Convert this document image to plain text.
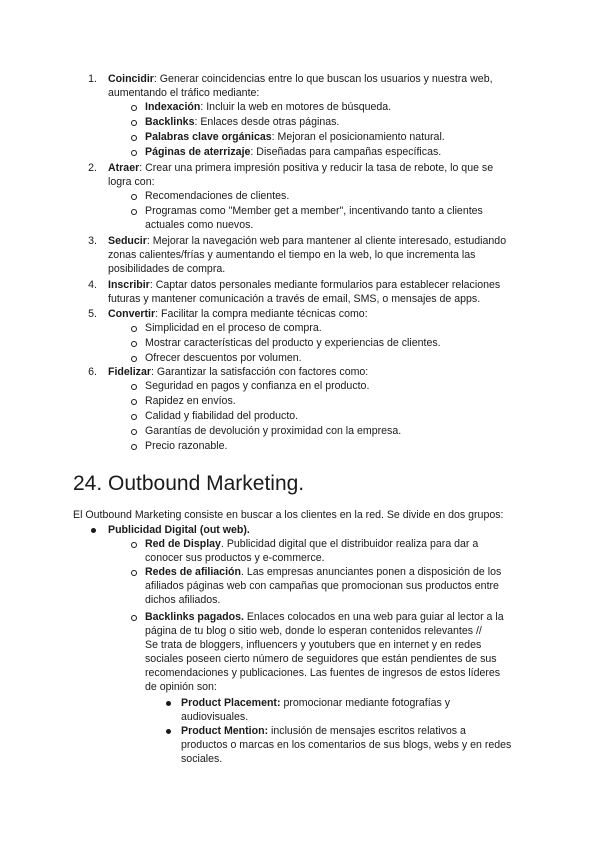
1. Coincidir: Generar coincidencias entre lo que buscan los usuarios y nuestra web,
aumentando el tráfico mediante:
Indexación: Incluir la web en motores de búsqueda.
Backlinks: Enlaces desde otras páginas.
Palabras clave orgánicas: Mejoran el posicionamiento natural.
Páginas de aterrizaje: Diseñadas para campañas específicas.
2. Atraer: Crear una primera impresión positiva y reducir la tasa de rebote, lo que se
logra con:
Recomendaciones de clientes.
Programas como "Member get a member", incentivando tanto a clientes
actuales como nuevos.
3. Seducir: Mejorar la navegación web para mantener al cliente interesado, estudiando
zonas calientes/frías y aumentando el tiempo en la web, lo que incrementa las
posibilidades de compra.
4. Inscribir: Captar datos personales mediante formularios para establecer relaciones
futuras y mantener comunicación a través de email, SMS, o mensajes de apps.
5. Convertir: Facilitar la compra mediante técnicas como:
Simplicidad en el proceso de compra.
Mostrar características del producto y experiencias de clientes.
Ofrecer descuentos por volumen.
6. Fidelizar: Garantizar la satisfacción con factores como:
Seguridad en pagos y confianza en el producto.
Rapidez en envíos.
Calidad y fiabilidad del producto.
Garantías de devolución y proximidad con la empresa.
Precio razonable.
24. Outbound Marketing.
El Outbound Marketing consiste en buscar a los clientes en la red. Se divide en dos grupos:
Publicidad Digital (out web).
Red de Display. Publicidad digital que el distribuidor realiza para dar a
conocer sus productos y e-commerce.
Redes de afiliación. Las empresas anunciantes ponen a disposición de los
afiliados páginas web con campañas que promocionan sus productos entre
dichos afiliados.
Backlinks pagados. Enlaces colocados en una web para guiar al lector a la
página de tu blog o sitio web, donde lo esperan contenidos relevantes //
Se trata de bloggers, influencers y youtubers que en internet y en redes
sociales poseen cierto número de seguidores que están pendientes de sus
recomendaciones y publicaciones. Las fuentes de ingresos de estos líderes
de opinión son:
Product Placement: promocionar mediante fotografías y
audiovisuales.
Product Mention: inclusión de mensajes escritos relativos a
productos o marcas en los comentarios de sus blogs, webs y en redes
sociales.
